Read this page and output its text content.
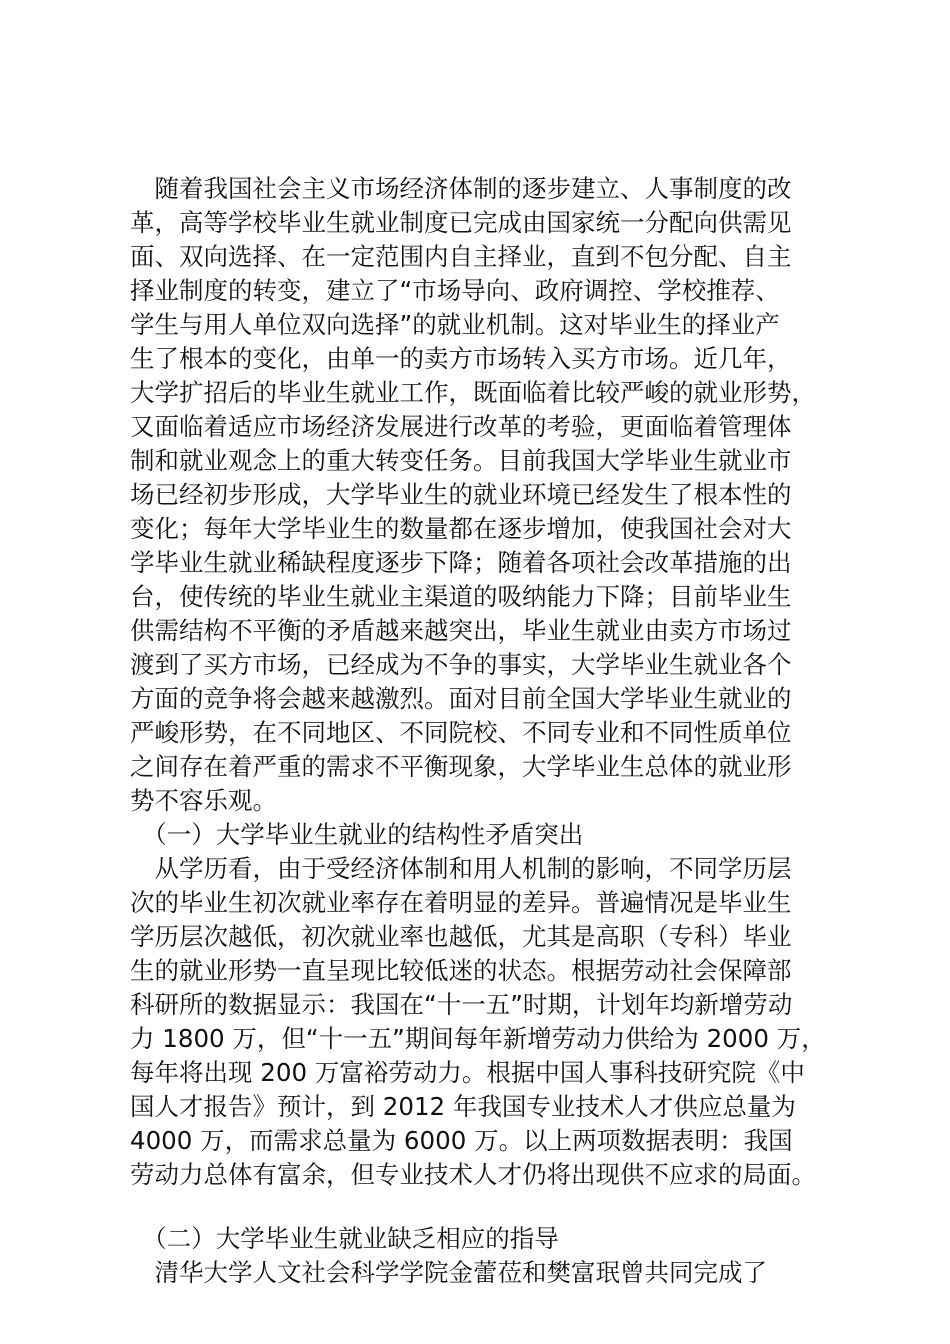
　随着我国社会主义市场经济体制的逐步建立、人事制度的改
革，高等学校毕业生就业制度已完成由国家统一分配向供需见
面、双向选择、在一定范围内自主择业，直到不包分配、自主
择业制度的转变，建立了“市场导向、政府调控、学校推荐、
学生与用人单位双向选择”的就业机制。这对毕业生的择业产
生了根本的变化，由单一的卖方市场转入买方市场。近几年，
大学扩招后的毕业生就业工作，既面临着比较严峻的就业形势，
又面临着适应市场经济发展进行改革的考验，更面临着管理体
制和就业观念上的重大转变任务。目前我国大学毕业生就业市
场已经初步形成，大学毕业生的就业环境已经发生了根本性的
变化；每年大学毕业生的数量都在逐步增加，使我国社会对大
学毕业生就业稀缺程度逐步下降；随着各项社会改革措施的出
台，使传统的毕业生就业主渠道的吸纳能力下降；目前毕业生
供需结构不平衡的矛盾越来越突出，毕业生就业由卖方市场过
渡到了买方市场，已经成为不争的事实，大学毕业生就业各个
方面的竞争将会越来越激烈。面对目前全国大学毕业生就业的
严峻形势，在不同地区、不同院校、不同专业和不同性质单位
之间存在着严重的需求不平衡现象，大学毕业生总体的就业形
势不容乐观。
　（一）大学毕业生就业的结构性矛盾突出
　从学历看，由于受经济体制和用人机制的影响，不同学历层
次的毕业生初次就业率存在着明显的差异。普遍情况是毕业生
学历层次越低，初次就业率也越低，尤其是高职（专科）毕业
生的就业形势一直呈现比较低迷的状态。根据劳动社会保障部
科研所的数据显示：我国在“十一五”时期，计划年均新增劳动
力 1800 万，但“十一五”期间每年新增劳动力供给为 2000 万，
每年将出现 200 万富裕劳动力。根据中国人事科技研究院《中
国人才报告》预计，到 2012 年我国专业技术人才供应总量为
4000 万，而需求总量为 6000 万。以上两项数据表明：我国
劳动力总体有富余，但专业技术人才仍将出现供不应求的局面。
　（二）大学毕业生就业缺乏相应的指导
　清华大学人文社会科学学院金蕾莅和樊富珉曾共同完成了
